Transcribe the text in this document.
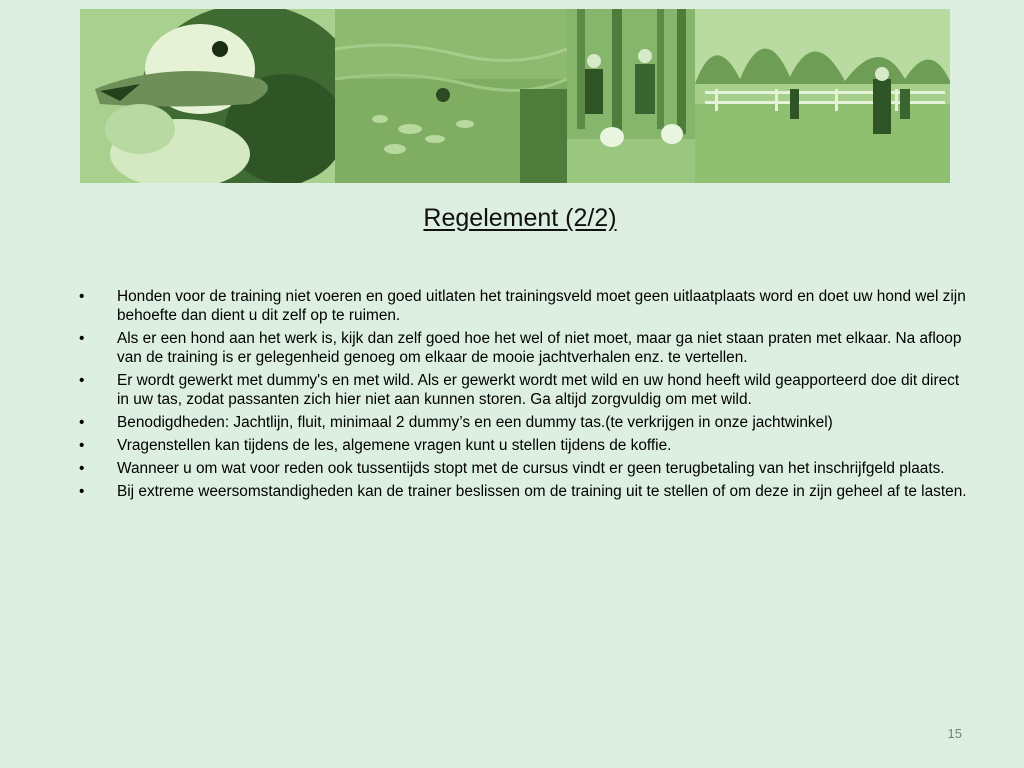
Regelement (2/2)
• Honden voor de training niet voeren en goed uitlaten het trainingsveld moet geen uitlaatplaats word en doet uw hond wel zijn behoefte dan dient u dit zelf op te ruimen.
• Als er een hond aan het werk is, kijk dan zelf goed hoe het wel of niet moet, maar ga niet staan praten met elkaar. Na afloop van de training is er gelegenheid genoeg om elkaar de mooie jachtverhalen enz. te vertellen.
• Er wordt gewerkt met dummy's en met wild. Als er gewerkt wordt met wild en uw hond heeft wild geapporteerd doe dit direct in uw tas, zodat passanten zich hier niet aan kunnen storen. Ga altijd zorgvuldig om met wild.
• Benodigdheden: Jachtlijn, fluit, minimaal 2 dummy’s en een dummy tas.(te verkrijgen in onze jachtwinkel)
• Vragenstellen kan tijdens de les, algemene vragen kunt u stellen tijdens de koffie.
• Wanneer u om wat voor reden ook tussentijds stopt met de cursus vindt er geen terugbetaling van het inschrijfgeld plaats.
• Bij extreme weersomstandigheden kan de trainer beslissen om de training uit te stellen of om deze in zijn geheel af te lasten.
15
